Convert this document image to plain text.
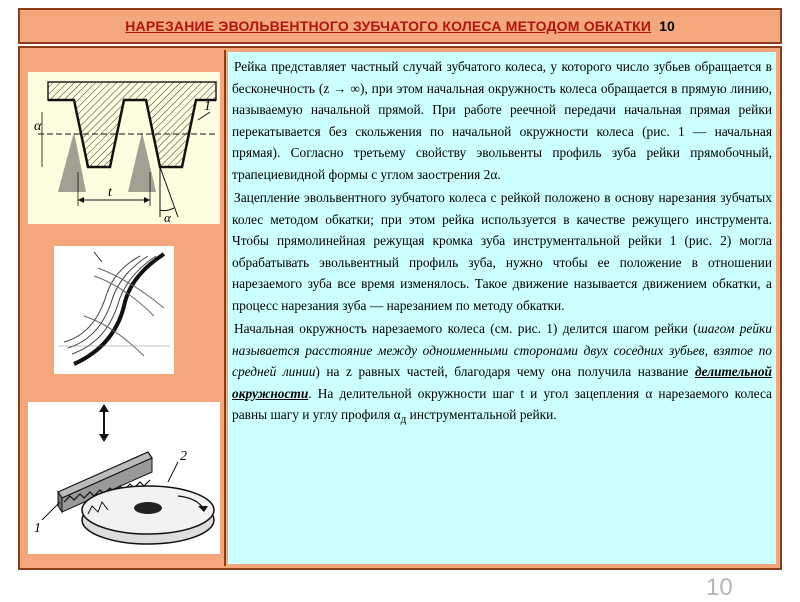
НАРЕЗАНИЕ ЭВОЛЬВЕНТНОГО ЗУБЧАТОГО КОЛЕСА МЕТОДОМ ОБКАТКИ 10
α
1
t
α
1
2

Рейка представляет частный случай зубчатого колеса, у которого число зубьев обращается в бесконечность (z → ∞), при этом начальная окружность колеса обращается в прямую линию, называемую начальной прямой. При работе реечной передачи начальная прямая рейки перекатывается без скольжения по начальной окружности колеса (рис. 1 — начальная прямая). Согласно третьему свойству эвольвенты профиль зуба рейки прямобочный, трапециевидной формы с углом заострения 2α.

Зацепление эвольвентного зубчатого колеса с рейкой положено в основу нарезания зубчатых колес методом обкатки; при этом рейка используется в качестве режущего инструмента. Чтобы прямолинейная режущая кромка зуба инструментальной рейки 1 (рис. 2) могла обрабатывать эвольвентный профиль зуба, нужно чтобы ее положение в отношении нарезаемого зуба все время изменялось. Такое движение называется движением обкатки, а процесс нарезания зуба — нарезанием по методу обкатки.

Начальная окружность нарезаемого колеса (см. рис. 1) делится шагом рейки (шагом рейки называется расстояние между одноименными сторонами двух соседних зубьев, взятое по средней линии) на z равных частей, благодаря чему она получила название делительной окружности. На делительной окружности шаг t и угол зацепления α нарезаемого колеса равны шагу и углу профиля $\alpha_д$ инструментальной рейки.

10
